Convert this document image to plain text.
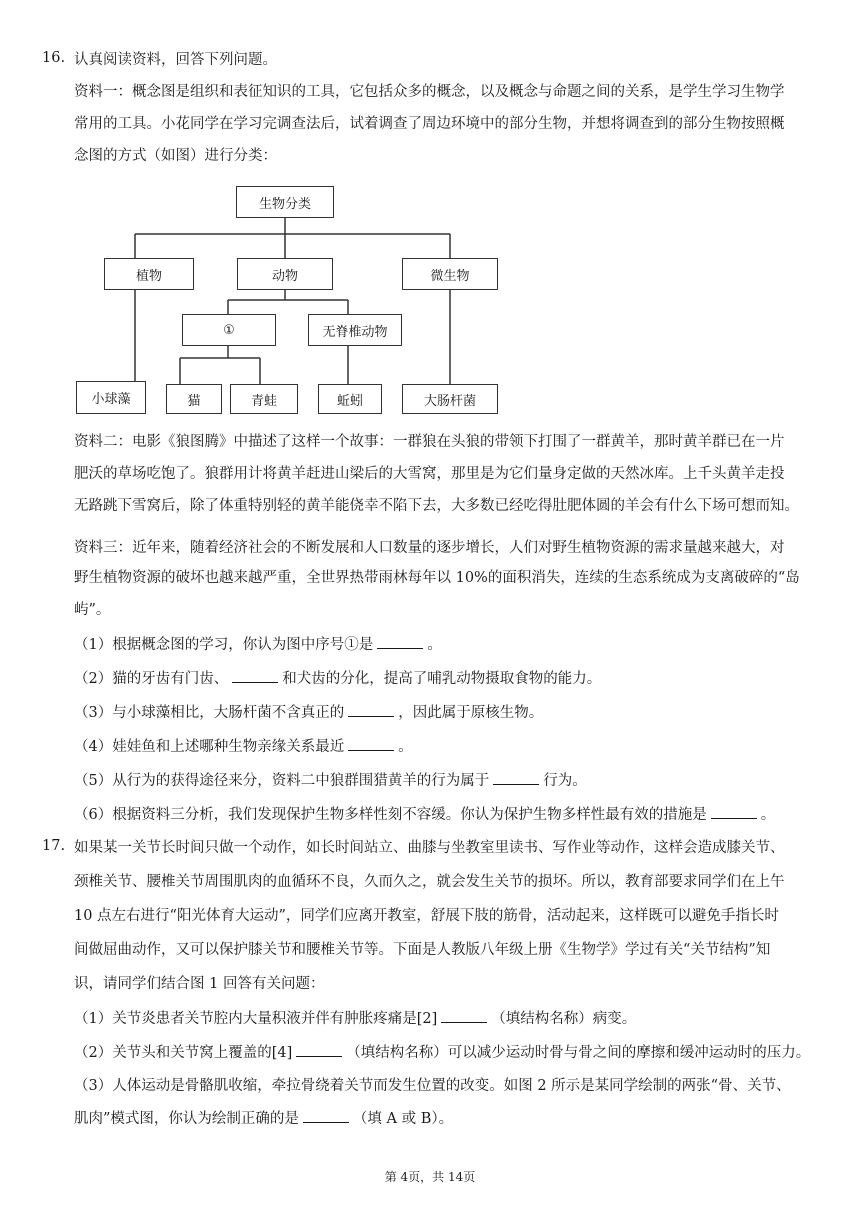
16. 认真阅读资料，回答下列问题。
资料一：概念图是组织和表征知识的工具，它包括众多的概念，以及概念与命题之间的关系，是学生学习生物学
常用的工具。小花同学在学习完调查法后，试着调查了周边环境中的部分生物，并想将调查到的部分生物按照概
念图的方式（如图）进行分类：
生物分类
植物	动物	微生物
①	无脊椎动物
小球藻	猫	青蛙	蚯蚓	大肠杆菌
资料二：电影《狼图腾》中描述了这样一个故事：一群狼在头狼的带领下打围了一群黄羊，那时黄羊群已在一片
肥沃的草场吃饱了。狼群用计将黄羊赶进山梁后的大雪窝，那里是为它们量身定做的天然冰库。上千头黄羊走投
无路跳下雪窝后，除了体重特别轻的黄羊能侥幸不陷下去，大多数已经吃得肚肥体圆的羊会有什么下场可想而知。
资料三：近年来，随着经济社会的不断发展和人口数量的逐步增长，人们对野生植物资源的需求量越来越大，对
野生植物资源的破坏也越来越严重，全世界热带雨林每年以 10%的面积消失，连续的生态系统成为支离破碎的“岛
屿”。
（1）根据概念图的学习，你认为图中序号①是	。
（2）猫的牙齿有门齿、	和犬齿的分化，提高了哺乳动物摄取食物的能力。
（3）与小球藻相比，大肠杆菌不含真正的	，因此属于原核生物。
（4）娃娃鱼和上述哪种生物亲缘关系最近	。
（5）从行为的获得途径来分，资料二中狼群围猎黄羊的行为属于	行为。
（6）根据资料三分析，我们发现保护生物多样性刻不容缓。你认为保护生物多样性最有效的措施是	。
17. 如果某一关节长时间只做一个动作，如长时间站立、曲膝与坐教室里读书、写作业等动作，这样会造成膝关节、
颈椎关节、腰椎关节周围肌肉的血循环不良，久而久之，就会发生关节的损坏。所以，教育部要求同学们在上午
10 点左右进行“阳光体育大运动”，同学们应离开教室，舒展下肢的筋骨，活动起来，这样既可以避免手指长时
间做屈曲动作，又可以保护膝关节和腰椎关节等。下面是人教版八年级上册《生物学》学过有关“关节结构”知
识，请同学们结合图 1 回答有关问题：
（1）关节炎患者关节腔内大量积液并伴有肿胀疼痛是[2]	（填结构名称）病变。
（2）关节头和关节窝上覆盖的[4]	（填结构名称）可以减少运动时骨与骨之间的摩擦和缓冲运动时的压力。
（3）人体运动是骨骼肌收缩，牵拉骨绕着关节而发生位置的改变。如图 2 所示是某同学绘制的两张“骨、关节、
肌肉”模式图，你认为绘制正确的是	（填 A 或 B）。
第 4页，共 14页
